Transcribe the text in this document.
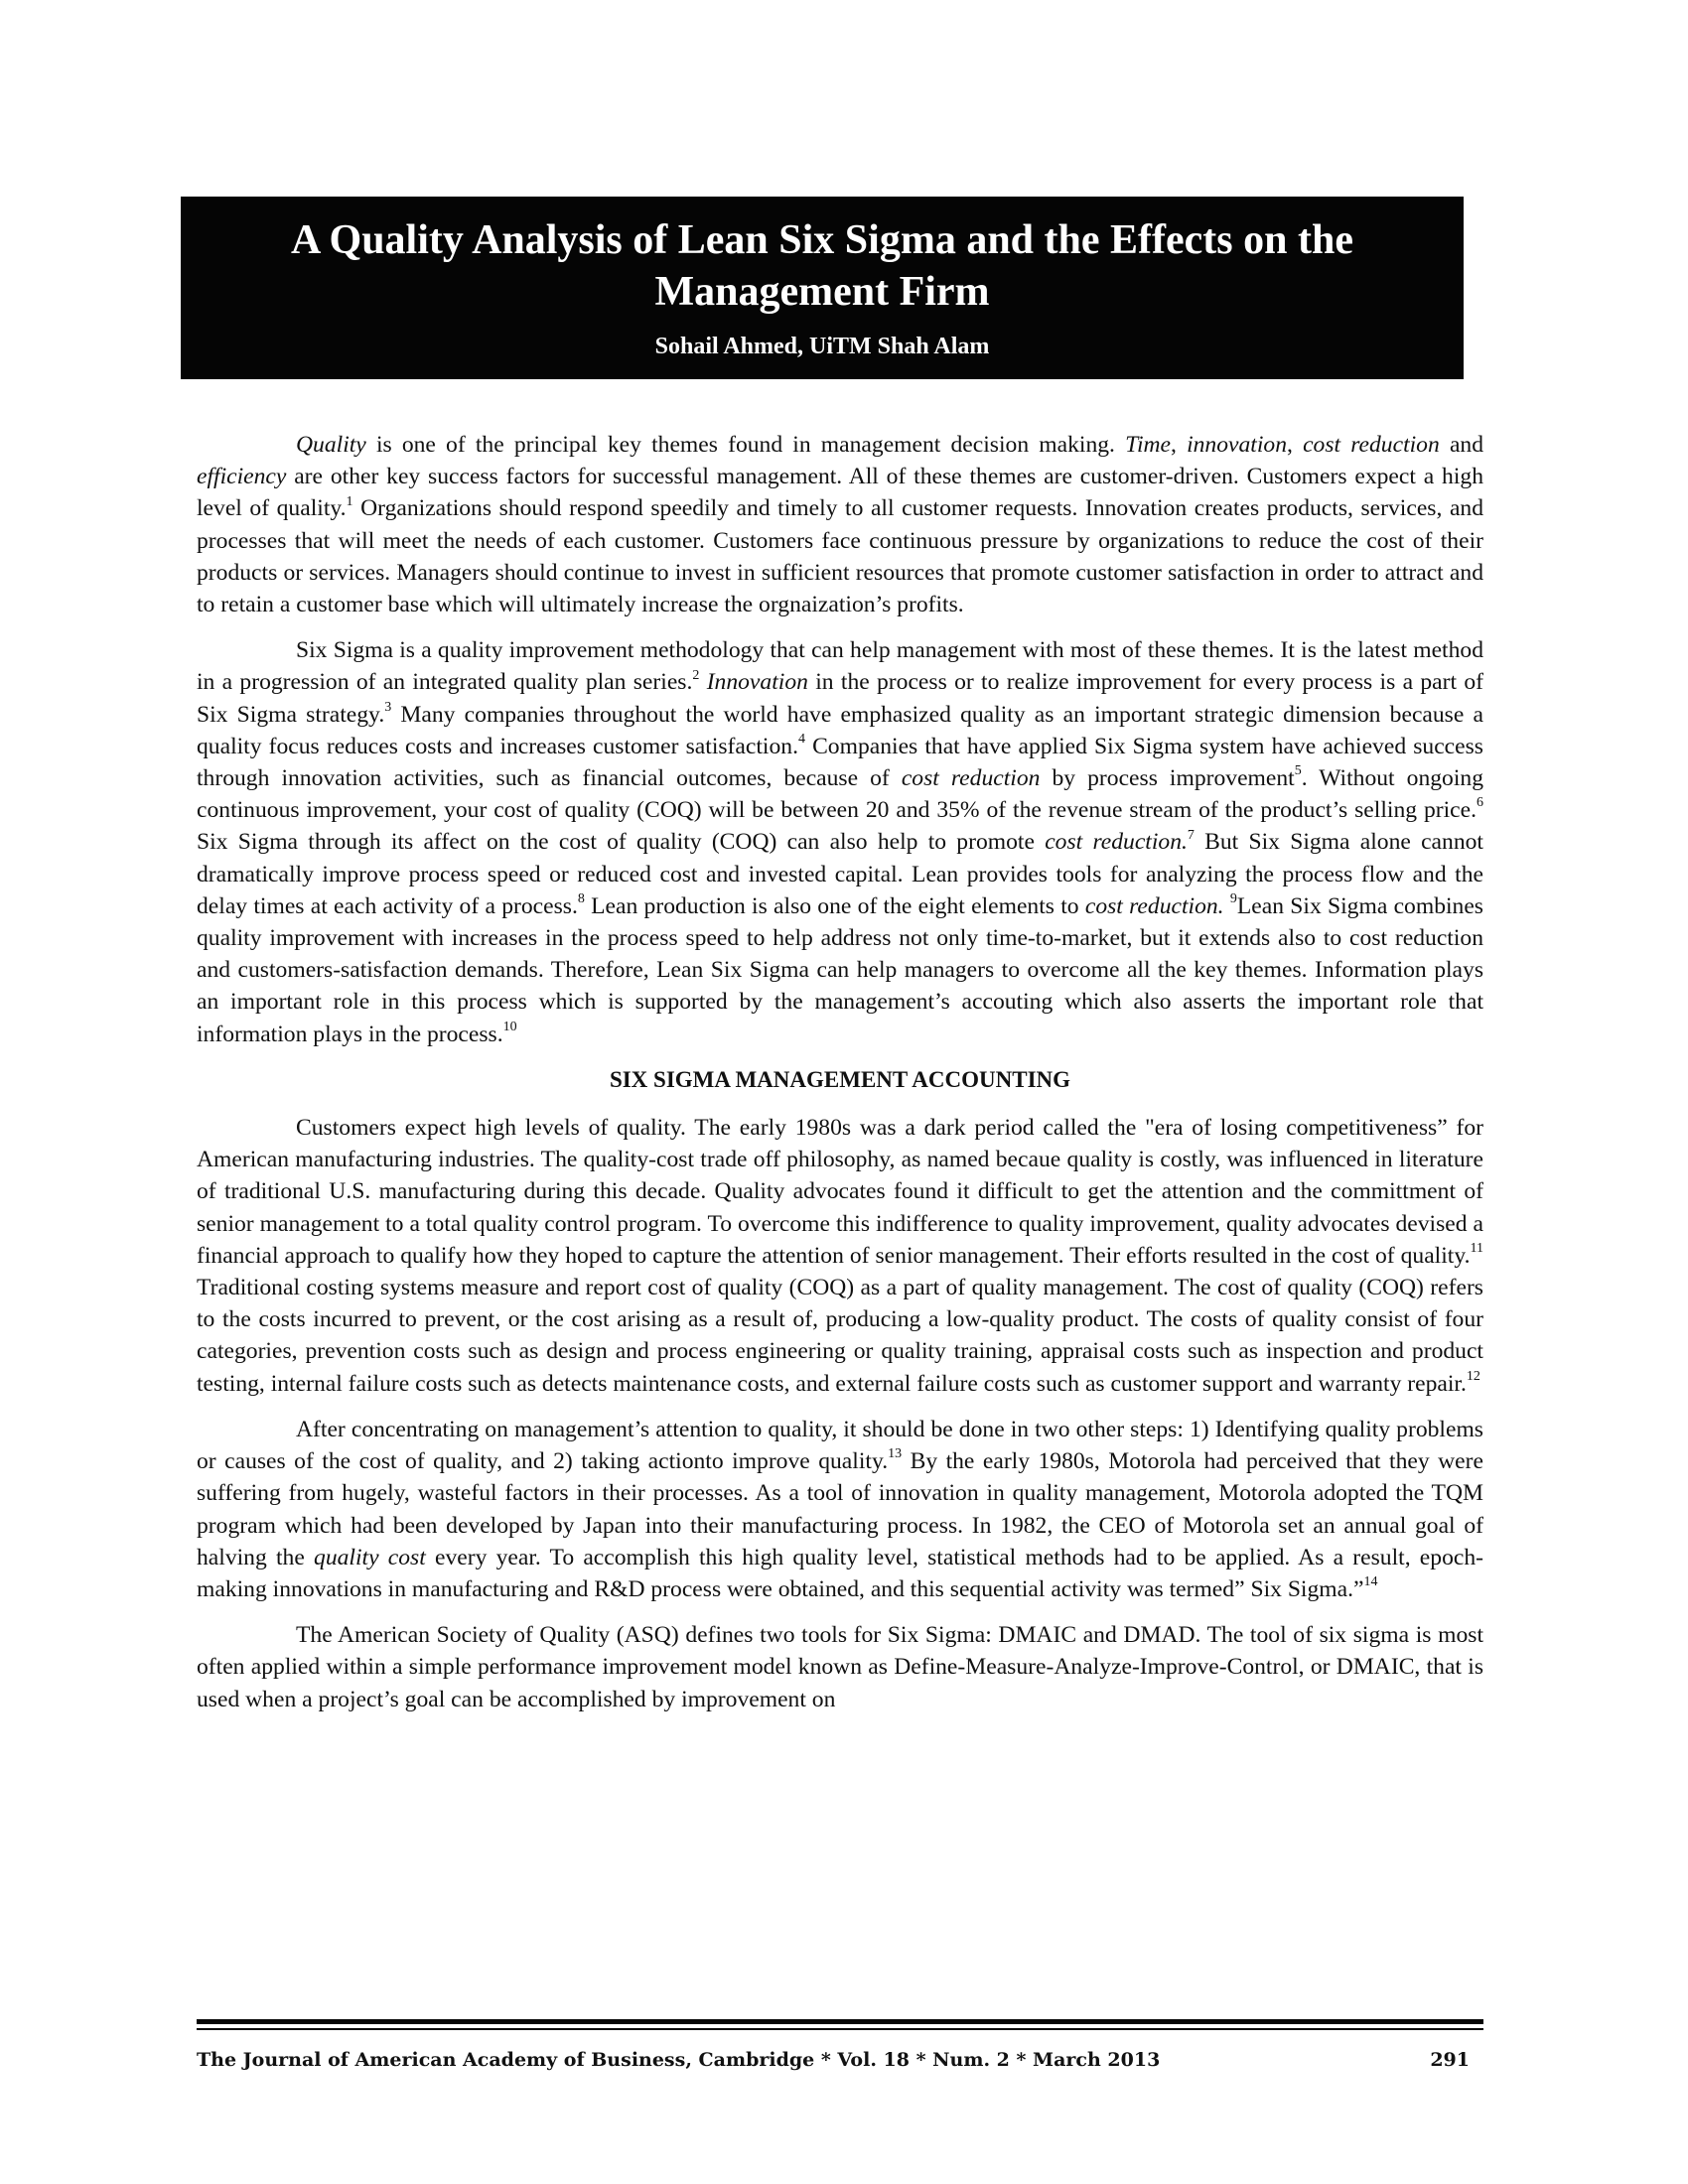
A Quality Analysis of Lean Six Sigma and the Effects on the
Management Firm
Sohail Ahmed, UiTM Shah Alam

Quality is one of the principal key themes found in management decision making. Time, innovation, cost reduction and efficiency are other key success factors for successful management. All of these themes are customer-driven. Customers expect a high level of quality.$^1$ Organizations should respond speedily and timely to all customer requests. Innovation creates products, services, and processes that will meet the needs of each customer. Customers face continuous pressure by organizations to reduce the cost of their products or services. Managers should continue to invest in sufficient resources that promote customer satisfaction in order to attract and to retain a customer base which will ultimately increase the orgnaization’s profits.

Six Sigma is a quality improvement methodology that can help management with most of these themes. It is the latest method in a progression of an integrated quality plan series.$^2$ Innovation in the process or to realize improvement for every process is a part of Six Sigma strategy.$^3$ Many companies throughout the world have emphasized quality as an important strategic dimension because a quality focus reduces costs and increases customer satisfaction.$^4$ Companies that have applied Six Sigma system have achieved success through innovation activities, such as financial outcomes, because of cost reduction by process improvement$^5$. Without ongoing continuous improvement, your cost of quality (COQ) will be between 20 and 35% of the revenue stream of the product’s selling price.$^6$ Six Sigma through its affect on the cost of quality (COQ) can also help to promote cost reduction.$^7$ But Six Sigma alone cannot dramatically improve process speed or reduced cost and invested capital. Lean provides tools for analyzing the process flow and the delay times at each activity of a process.$^8$ Lean production is also one of the eight elements to cost reduction. $^9$Lean Six Sigma combines quality improvement with increases in the process speed to help address not only time-to-market, but it extends also to cost reduction and customers-satisfaction demands. Therefore, Lean Six Sigma can help managers to overcome all the key themes. Information plays an important role in this process which is supported by the management’s accouting which also asserts the important role that information plays in the process.$^{10}$

SIX SIGMA MANAGEMENT ACCOUNTING

Customers expect high levels of quality. The early 1980s was a dark period called the "era of losing competitiveness” for American manufacturing industries. The quality-cost trade off philosophy, as named becaue quality is costly, was influenced in literature of traditional U.S. manufacturing during this decade. Quality advocates found it difficult to get the attention and the committment of senior management to a total quality control program. To overcome this indifference to quality improvement, quality advocates devised a financial approach to qualify how they hoped to capture the attention of senior management. Their efforts resulted in the cost of quality.$^{11}$ Traditional costing systems measure and report cost of quality (COQ) as a part of quality management. The cost of quality (COQ) refers to the costs incurred to prevent, or the cost arising as a result of, producing a low-quality product. The costs of quality consist of four categories, prevention costs such as design and process engineering or quality training, appraisal costs such as inspection and product testing, internal failure costs such as detects maintenance costs, and external failure costs such as customer support and warranty repair.$^{12}$

After concentrating on management’s attention to quality, it should be done in two other steps: 1) Identifying quality problems or causes of the cost of quality, and 2) taking actionto improve quality.$^{13}$ By the early 1980s, Motorola had perceived that they were suffering from hugely, wasteful factors in their processes. As a tool of innovation in quality management, Motorola adopted the TQM program which had been developed by Japan into their manufacturing process. In 1982, the CEO of Motorola set an annual goal of halving the quality cost every year. To accomplish this high quality level, statistical methods had to be applied. As a result, epoch-making innovations in manufacturing and R&D process were obtained, and this sequential activity was termed” Six Sigma.”$^{14}$

The American Society of Quality (ASQ) defines two tools for Six Sigma: DMAIC and DMAD. The tool of six sigma is most often applied within a simple performance improvement model known as Define-Measure-Analyze-Improve-Control, or DMAIC, that is used when a project’s goal can be accomplished by improvement on

The Journal of American Academy of Business, Cambridge * Vol. 18 * Num. 2 * March 2013	291
